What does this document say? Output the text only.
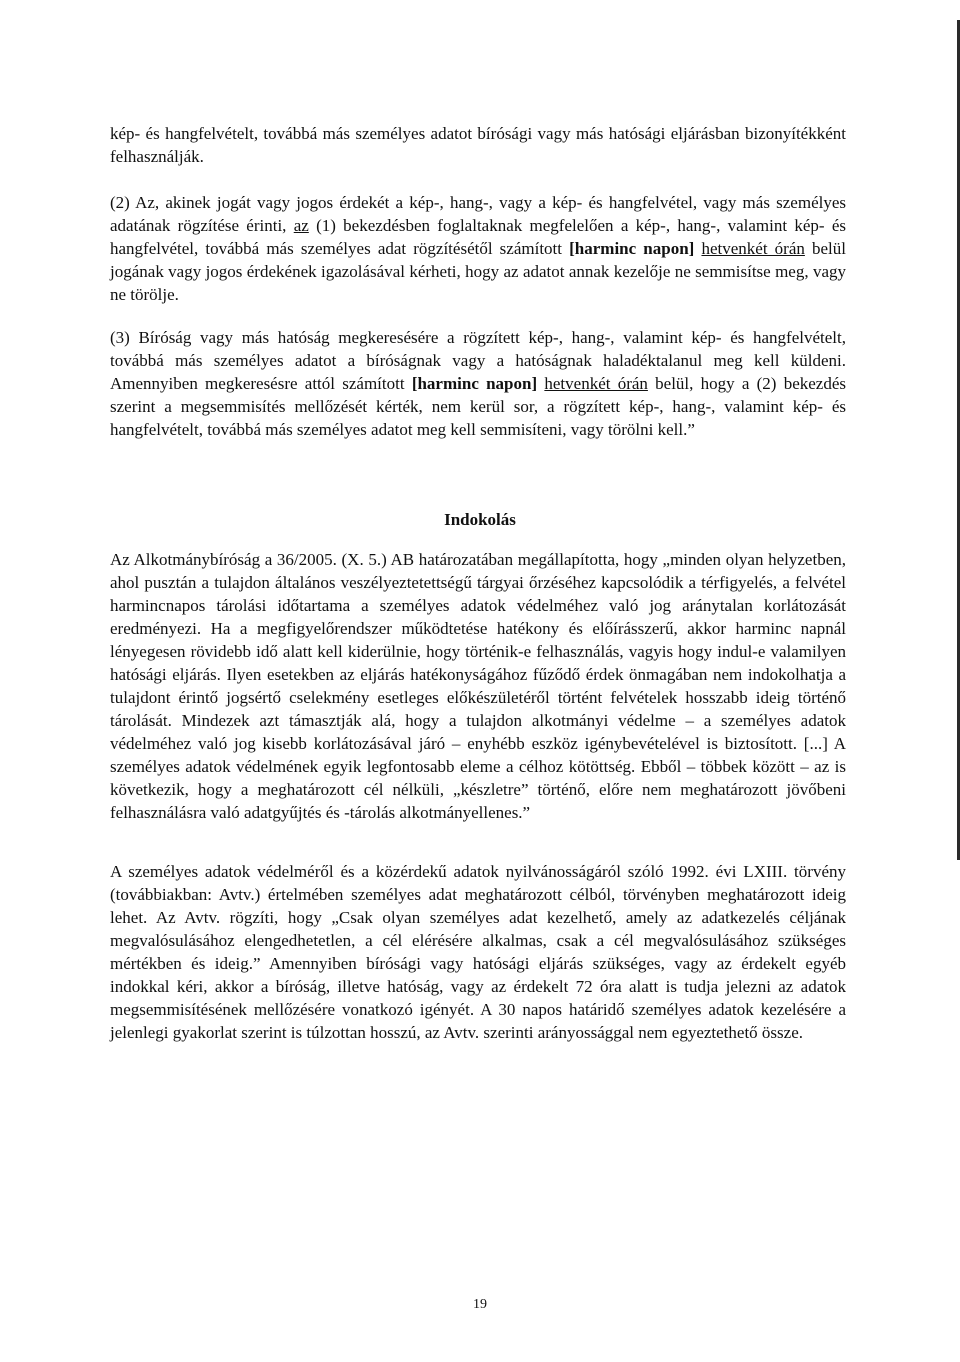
kép- és hangfelvételt, továbbá más személyes adatot bírósági vagy más hatósági eljárásban bizonyítékként felhasználják.

(2) Az, akinek jogát vagy jogos érdekét a kép-, hang-, vagy a kép- és hangfelvétel, vagy más személyes adatának rögzítése érinti, az (1) bekezdésben foglaltaknak megfelelően a kép-, hang-, valamint kép- és hangfelvétel, továbbá más személyes adat rögzítésétől számított [harminc napon] hetvenkét órán belül jogának vagy jogos érdekének igazolásával kérheti, hogy az adatot annak kezelője ne semmisítse meg, vagy ne törölje.

(3) Bíróság vagy más hatóság megkeresésére a rögzített kép-, hang-, valamint kép- és hangfelvételt, továbbá más személyes adatot a bíróságnak vagy a hatóságnak haladéktalanul meg kell küldeni. Amennyiben megkeresésre attól számított [harminc napon] hetvenkét órán belül, hogy a (2) bekezdés szerint a megsemmisítés mellőzését kérték, nem kerül sor, a rögzített kép-, hang-, valamint kép- és hangfelvételt, továbbá más személyes adatot meg kell semmisíteni, vagy törölni kell.”

Indokolás

Az Alkotmánybíróság a 36/2005. (X. 5.) AB határozatában megállapította, hogy „minden olyan helyzetben, ahol pusztán a tulajdon általános veszélyeztetettségű tárgyai őrzéséhez kapcsolódik a térfigyelés, a felvétel harmincnapos tárolási időtartama a személyes adatok védelméhez való jog aránytalan korlátozását eredményezi. Ha a megfigyelőrendszer működtetése hatékony és előírásszerű, akkor harminc napnál lényegesen rövidebb idő alatt kell kiderülnie, hogy történik-e felhasználás, vagyis hogy indul-e valamilyen hatósági eljárás. Ilyen esetekben az eljárás hatékonyságához fűződő érdek önmagában nem indokolhatja a tulajdont érintő jogsértő cselekmény esetleges előkészületéről történt felvételek hosszabb ideig történő tárolását. Mindezek azt támasztják alá, hogy a tulajdon alkotmányi védelme – a személyes adatok védelméhez való jog kisebb korlátozásával járó – enyhébb eszköz igénybevételével is biztosított. [...] A személyes adatok védelmének egyik legfontosabb eleme a célhoz kötöttség. Ebből – többek között – az is következik, hogy a meghatározott cél nélküli, „készletre” történő, előre nem meghatározott jövőbeni felhasználásra való adatgyűjtés és -tárolás alkotmányellenes.”

A személyes adatok védelméről és a közérdekű adatok nyilvánosságáról szóló 1992. évi LXIII. törvény (továbbiakban: Avtv.) értelmében személyes adat meghatározott célból, törvényben meghatározott ideig lehet. Az Avtv. rögzíti, hogy „Csak olyan személyes adat kezelhető, amely az adatkezelés céljának megvalósulásához elengedhetetlen, a cél elérésére alkalmas, csak a cél megvalósulásához szükséges mértékben és ideig.” Amennyiben bírósági vagy hatósági eljárás szükséges, vagy az érdekelt egyéb indokkal kéri, akkor a bíróság, illetve hatóság, vagy az érdekelt 72 óra alatt is tudja jelezni az adatok megsemmisítésének mellőzésére vonatkozó igényét. A 30 napos határidő személyes adatok kezelésére a jelenlegi gyakorlat szerint is túlzottan hosszú, az Avtv. szerinti arányossággal nem egyeztethető össze.

19
